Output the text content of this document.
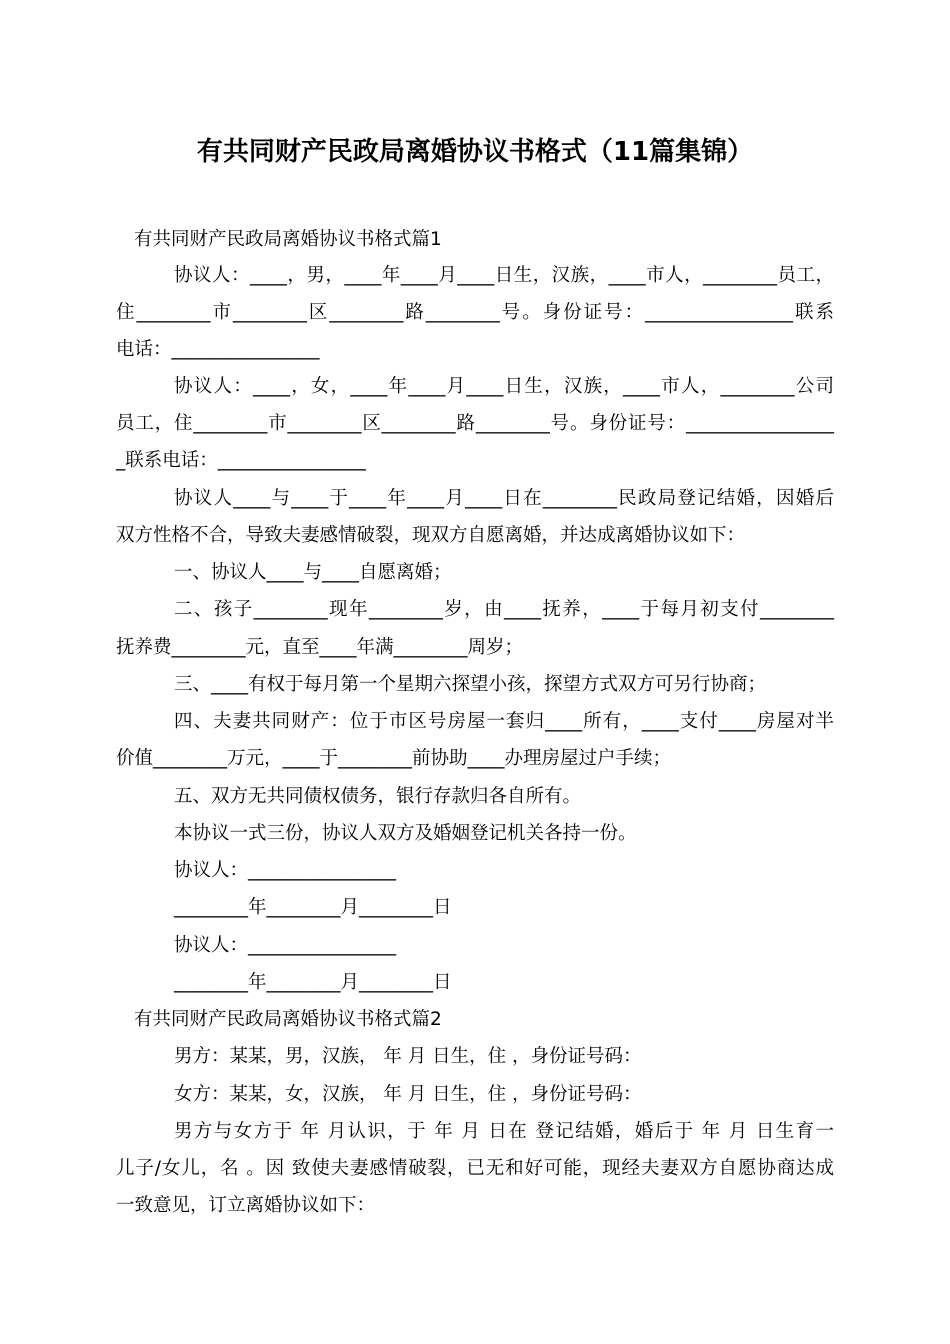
有共同财产民政局离婚协议书格式（11篇集锦）
有共同财产民政局离婚协议书格式篇1
协议人：____，男，____年____月____日生，汉族，____市人，________员工，
住________市________区________路________号。身份证号：________________联系
电话：________________
协议人：____，女，____年____月____日生，汉族，____市人，________公司
员工，住________市________区________路________号。身份证号：________________
_联系电话：________________
协议人____与____于____年____月____日在________民政局登记结婚，因婚后
双方性格不合，导致夫妻感情破裂，现双方自愿离婚，并达成离婚协议如下：
一、协议人____与____自愿离婚；
二、孩子________现年________岁，由____抚养，____于每月初支付________
抚养费________元，直至____年满________周岁；
三、____有权于每月第一个星期六探望小孩，探望方式双方可另行协商；
四、夫妻共同财产：位于市区号房屋一套归____所有，____支付____房屋对半
价值________万元，____于________前协助____办理房屋过户手续；
五、双方无共同债权债务，银行存款归各自所有。
本协议一式三份，协议人双方及婚姻登记机关各持一份。
协议人：________________
________年________月________日
协议人：________________
________年________月________日
有共同财产民政局离婚协议书格式篇2
男方：某某，男，汉族， 年 月 日生，住 ，身份证号码：
女方：某某，女，汉族， 年 月 日生，住 ，身份证号码：
男方与女方于 年 月认识，于 年 月 日在 登记结婚，婚后于 年 月 日生育一
儿子/女儿，名 。因 致使夫妻感情破裂，已无和好可能，现经夫妻双方自愿协商达成
一致意见，订立离婚协议如下：
